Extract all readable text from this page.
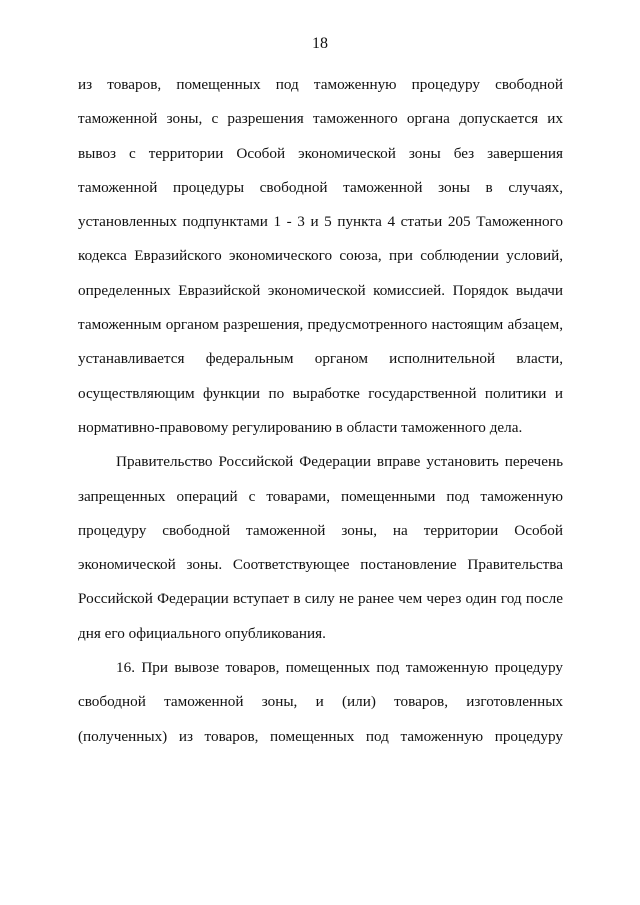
18

из товаров, помещенных под таможенную процедуру свободной таможенной зоны, с разрешения таможенного органа допускается их вывоз с территории Особой экономической зоны без завершения таможенной процедуры свободной таможенной зоны в случаях, установленных подпунктами 1 - 3 и 5 пункта 4 статьи 205 Таможенного кодекса Евразийского экономического союза, при соблюдении условий, определенных Евразийской экономической комиссией. Порядок выдачи таможенным органом разрешения, предусмотренного настоящим абзацем, устанавливается федеральным органом исполнительной власти, осуществляющим функции по выработке государственной политики и нормативно-правовому регулированию в области таможенного дела.

Правительство Российской Федерации вправе установить перечень запрещенных операций с товарами, помещенными под таможенную процедуру свободной таможенной зоны, на территории Особой экономической зоны. Соответствующее постановление Правительства Российской Федерации вступает в силу не ранее чем через один год после дня его официального опубликования.

16. При вывозе товаров, помещенных под таможенную процедуру свободной таможенной зоны, и (или) товаров, изготовленных (полученных) из товаров, помещенных под таможенную процедуру
